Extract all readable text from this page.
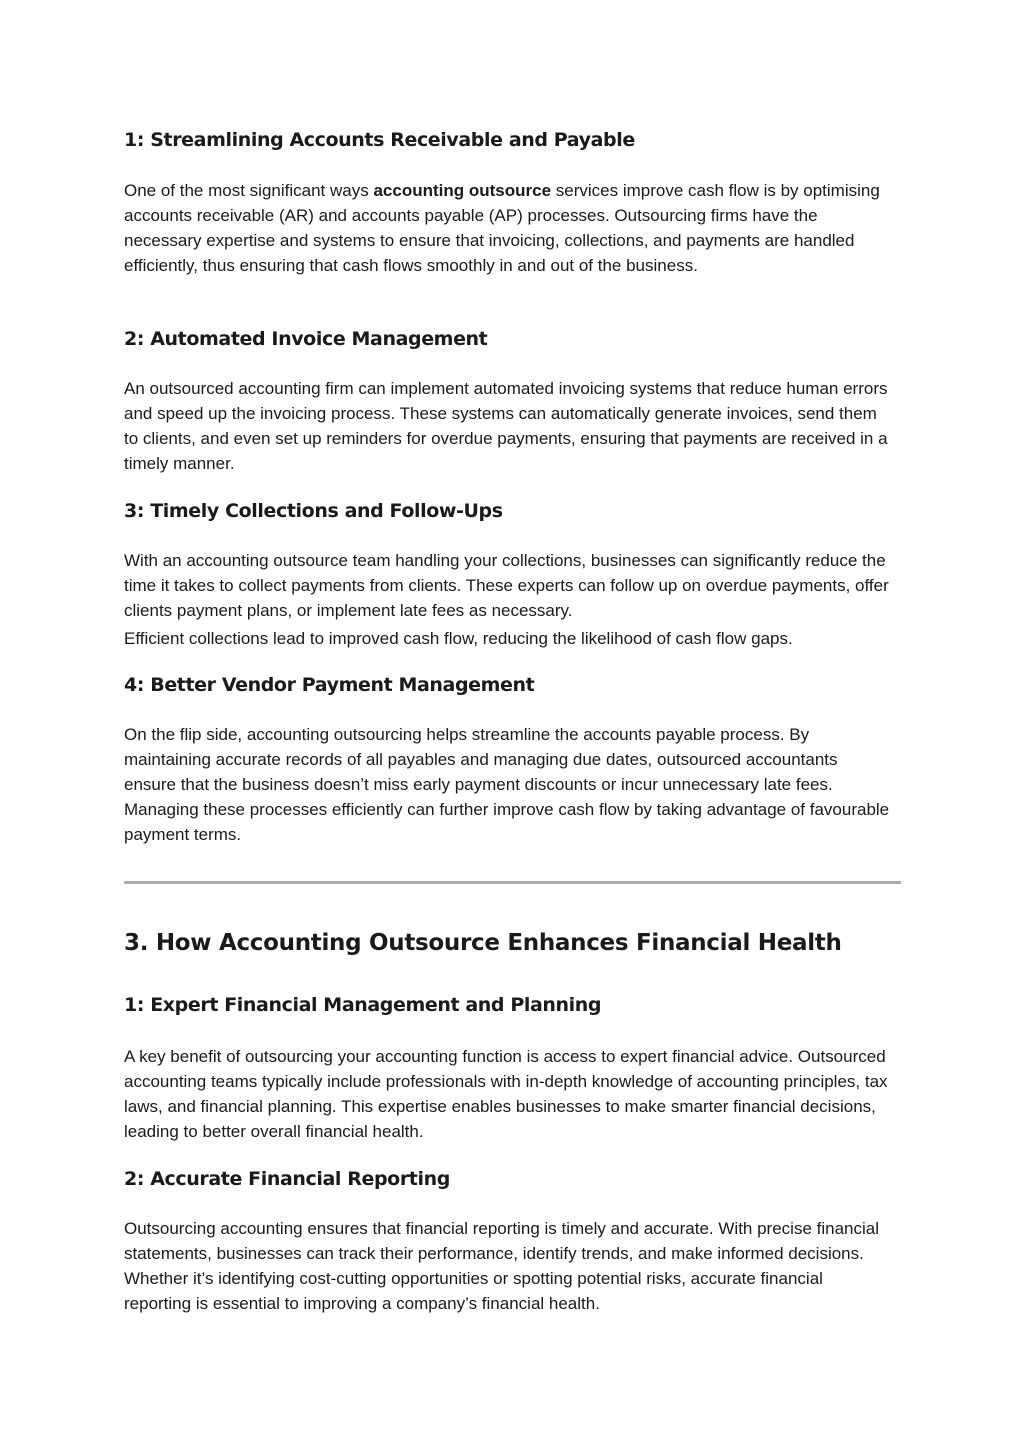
1: Streamlining Accounts Receivable and Payable

One of the most significant ways accounting outsource services improve cash flow is by optimising accounts receivable (AR) and accounts payable (AP) processes. Outsourcing firms have the necessary expertise and systems to ensure that invoicing, collections, and payments are handled efficiently, thus ensuring that cash flows smoothly in and out of the business.

2: Automated Invoice Management

An outsourced accounting firm can implement automated invoicing systems that reduce human errors and speed up the invoicing process. These systems can automatically generate invoices, send them to clients, and even set up reminders for overdue payments, ensuring that payments are received in a timely manner.

3: Timely Collections and Follow-Ups

With an accounting outsource team handling your collections, businesses can significantly reduce the time it takes to collect payments from clients. These experts can follow up on overdue payments, offer clients payment plans, or implement late fees as necessary.

Efficient collections lead to improved cash flow, reducing the likelihood of cash flow gaps.

4: Better Vendor Payment Management

On the flip side, accounting outsourcing helps streamline the accounts payable process. By maintaining accurate records of all payables and managing due dates, outsourced accountants ensure that the business doesn’t miss early payment discounts or incur unnecessary late fees. Managing these processes efficiently can further improve cash flow by taking advantage of favourable payment terms.

3. How Accounting Outsource Enhances Financial Health
1: Expert Financial Management and Planning

A key benefit of outsourcing your accounting function is access to expert financial advice. Outsourced accounting teams typically include professionals with in-depth knowledge of accounting principles, tax laws, and financial planning. This expertise enables businesses to make smarter financial decisions, leading to better overall financial health.

2: Accurate Financial Reporting

Outsourcing accounting ensures that financial reporting is timely and accurate. With precise financial statements, businesses can track their performance, identify trends, and make informed decisions. Whether it’s identifying cost-cutting opportunities or spotting potential risks, accurate financial reporting is essential to improving a company’s financial health.
